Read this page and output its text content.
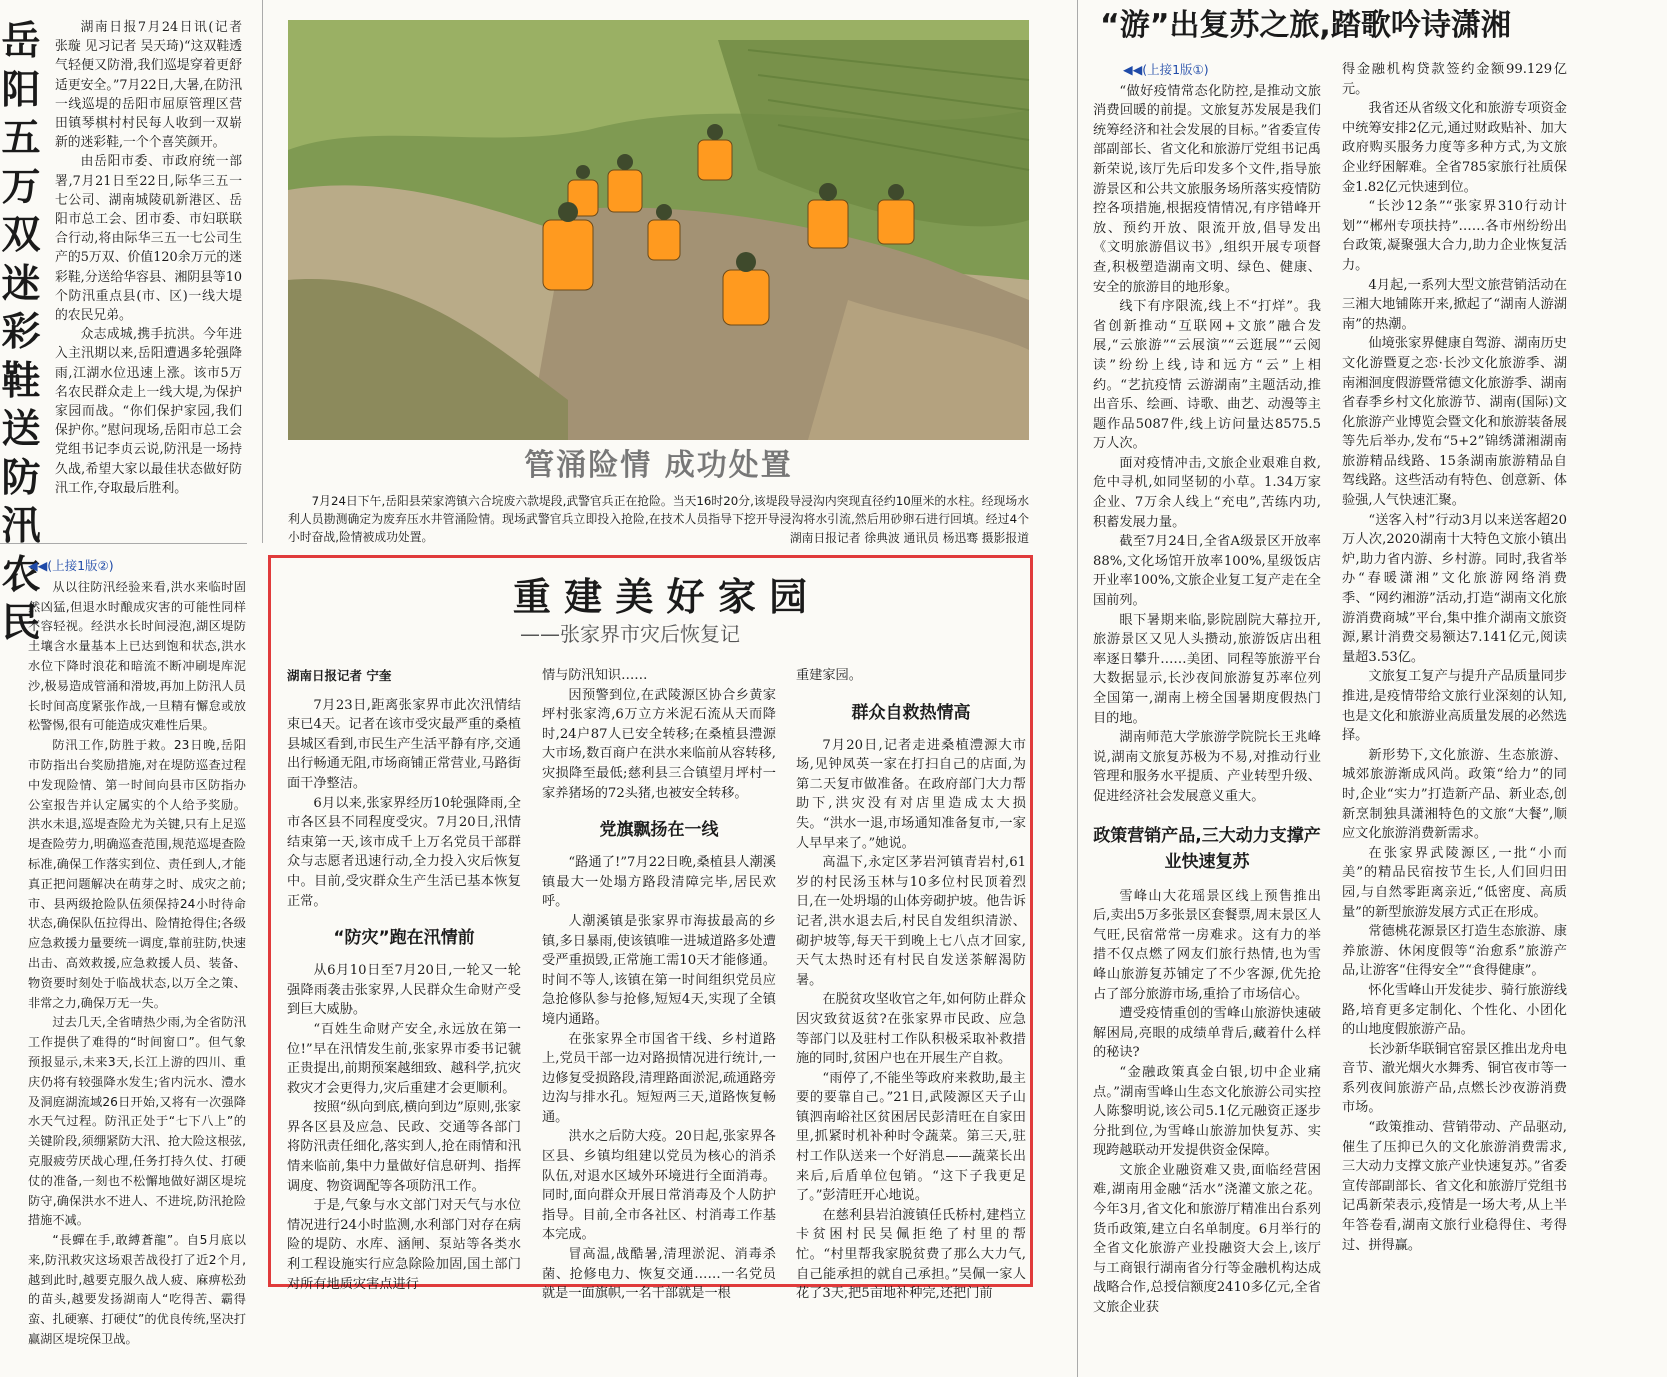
岳阳五万双迷彩鞋送防汛农民

湖南日报7月24日讯(记者 张璇 见习记者 吴天琦)“这双鞋透气轻便又防滑,我们巡堤穿着更舒适更安全。”7月22日,大暑,在防汛一线巡堤的岳阳市屈原管理区营田镇琴棋村村民每人收到一双崭新的迷彩鞋,一个个喜笑颜开。

由岳阳市委、市政府统一部署,7月21日至22日,际华三五一七公司、湖南城陵矶新港区、岳阳市总工会、团市委、市妇联联合行动,将由际华三五一七公司生产的5万双、价值120余万元的迷彩鞋,分送给华容县、湘阴县等10个防汛重点县(市、区)一线大堤的农民兄弟。

众志成城,携手抗洪。今年进入主汛期以来,岳阳遭遇多轮强降雨,江湖水位迅速上涨。该市5万名农民群众走上一线大堤,为保护家园而战。“你们保护家园,我们保护你。”慰问现场,岳阳市总工会党组书记李贞云说,防汛是一场持久战,希望大家以最佳状态做好防汛工作,夺取最后胜利。

◀◀(上接1版②)

从以往防汛经验来看,洪水来临时固然凶猛,但退水时酿成灾害的可能性同样不容轻视。经洪水长时间浸泡,湖区堤防土壤含水量基本上已达到饱和状态,洪水水位下降时浪花和暗流不断冲刷堤库泥沙,极易造成管涌和滑坡,再加上防汛人员长时间高度紧张作战,一旦精有懈怠或放松警惕,很有可能造成灾难性后果。

防汛工作,防胜于救。23日晚,岳阳市防指出台奖励措施,对在堤防巡查过程中发现险情、第一时间向县市区防指办公室报告并认定属实的个人给予奖励。洪水未退,巡堤查险尤为关键,只有上足巡堤查险劳力,明确巡查范围,规范巡堤查险标准,确保工作落实到位、责任到人,才能真正把问题解决在萌芽之时、成灾之前;市、县两级抢险队伍须保持24小时待命状态,确保队伍拉得出、险情抢得住;各级应急救援力量要统一调度,靠前驻防,快速出击、高效救援,应急救援人员、装备、物资要时刻处于临战状态,以万全之策、非常之力,确保万无一失。

过去几天,全省晴热少雨,为全省防汛工作提供了难得的“时间窗口”。但气象预报显示,未来3天,长江上游的四川、重庆仍将有较强降水发生;省内沅水、澧水及洞庭湖流域26日开始,又将有一次强降水天气过程。防汛正处于“七下八上”的关键阶段,须绷紧防大汛、抢大险这根弦,克服疲劳厌战心理,任务打持久仗、打硬仗的准备,一刻也不松懈地做好湖区堤垸防守,确保洪水不进人、不进垸,防汛抢险措施不减。

“長蟬在手,敢縛蒼龍”。自5月底以来,防汛救灾这场艰苦战役打了近2个月,越到此时,越要克服久战人疲、麻痹松劲的苗头,越要发扬湖南人“吃得苦、霸得蛮、扎硬寨、打硬仗”的优良传统,坚决打赢湖区堤垸保卫战。

管涌险情 成功处置

7月24日下午,岳阳县荣家湾镇六合垸废六款堤段,武警官兵正在抢险。当天16时20分,该堤段导浸沟内突现直径约10厘米的水柱。经现场水利人员勘测确定为废弃压水井管涌险情。现场武警官兵立即投入抢险,在技术人员指导下挖开导浸沟将水引流,然后用砂卵石进行回填。经过4个小时奋战,险情被成功处置。	湖南日报记者 徐典波 通讯员 杨迅骞 摄影报道
重 建 美 好 家 园
——张家界市灾后恢复记

湖南日报记者 宁奎

7月23日,距离张家界市此次汛情结束已4天。记者在该市受灾最严重的桑植县城区看到,市民生产生活平静有序,交通出行畅通无阻,市场商铺正常营业,马路街面干净整洁。

6月以来,张家界经历10轮强降雨,全市各区县不同程度受灾。7月20日,汛情结束第一天,该市成千上万名党员干部群众与志愿者迅速行动,全力投入灾后恢复中。目前,受灾群众生产生活已基本恢复正常。

“防灾”跑在汛情前

从6月10日至7月20日,一轮又一轮强降雨袭击张家界,人民群众生命财产受到巨大威胁。

“百姓生命财产安全,永远放在第一位!”早在汛情发生前,张家界市委书记虢正贵提出,前期预案越细致、越科学,抗灾救灾才会更得力,灾后重建才会更顺利。

按照“纵向到底,横向到边”原则,张家界各区县及应急、民政、交通等各部门将防汛责任细化,落实到人,抢在雨情和汛情来临前,集中力量做好信息研判、指挥调度、物资调配等各项防汛工作。

于是,气象与水文部门对天气与水位情况进行24小时监测,水利部门对存在病险的堤防、水库、涵闸、泵站等各类水利工程设施实行应急除险加固,国土部门对所有地质灾害点进行

情与防汛知识……

因预警到位,在武陵源区协合乡黄家坪村张家湾,6万立方米泥石流从天而降时,24户87人已安全转移;在桑植县澧源大市场,数百商户在洪水来临前从容转移,灾损降至最低;慈利县三合镇望月坪村一家养猪场的72头猪,也被安全转移。

党旗飘扬在一线

“路通了!”7月22日晚,桑植县人潮溪镇最大一处塌方路段清障完毕,居民欢呼。

人潮溪镇是张家界市海拔最高的乡镇,多日暴雨,使该镇唯一进城道路多处遭受严重损毁,正常施工需10天才能修通。时间不等人,该镇在第一时间组织党员应急抢修队参与抢修,短短4天,实现了全镇境内通路。

在张家界全市国省干线、乡村道路上,党员干部一边对路损情况进行统计,一边修复受损路段,清理路面淤泥,疏通路旁边沟与排水孔。短短两三天,道路恢复畅通。

洪水之后防大疫。20日起,张家界各区县、乡镇均组建以党员为核心的消杀队伍,对退水区域外环境进行全面消毒。同时,面向群众开展日常消毒及个人防护指导。目前,全市各社区、村消毒工作基本完成。

冒高温,战酷暑,清理淤泥、消毒杀菌、抢修电力、恢复交通……一名党员就是一面旗帜,一名干部就是一根

重建家园。

群众自救热情高

7月20日,记者走进桑植澧源大市场,见钟凤英一家在打扫自己的店面,为第二天复市做准备。在政府部门大力帮助下,洪灾没有对店里造成太大损失。“洪水一退,市场通知准备复市,一家人早早来了。”她说。

高温下,永定区茅岩河镇青岩村,61岁的村民汤玉林与10多位村民顶着烈日,在一处坍塌的山体旁砌护坡。他告诉记者,洪水退去后,村民自发组织清淤、砌护坡等,每天干到晚上七八点才回家,天气太热时还有村民自发送茶解渴防暑。

在脱贫攻坚收官之年,如何防止群众因灾致贫返贫?在张家界市民政、应急等部门以及驻村工作队积极采取补救措施的同时,贫困户也在开展生产自救。

“雨停了,不能坐等政府来救助,最主要的要靠自己。”21日,武陵源区天子山镇泗南峪社区贫困居民彭清旺在自家田里,抓紧时机补种时令蔬菜。第三天,驻村工作队送来一个好消息——蔬菜长出来后,后盾单位包销。“这下子我更足了。”彭清旺开心地说。

在慈利县岩泊渡镇任氏桥村,建档立卡贫困村民吴佩拒绝了村里的帮忙。“村里帮我家脱贫费了那么大力气,自己能承担的就自己承担。”吴佩一家人花了3天,把5亩地补种完,还把门前

“游”出复苏之旅,踏歌吟诗潇湘
◀◀(上接1版①)

“做好疫情常态化防控,是推动文旅消费回暖的前提。文旅复苏发展是我们统筹经济和社会发展的目标。”省委宣传部副部长、省文化和旅游厅党组书记禹新荣说,该厅先后印发多个文件,指导旅游景区和公共文旅服务场所落实疫情防控各项措施,根据疫情情况,有序错峰开放、预约开放、限流开放,倡导发出《文明旅游倡议书》,组织开展专项督查,积极塑造湖南文明、绿色、健康、安全的旅游目的地形象。

线下有序限流,线上不“打烊”。我省创新推动“互联网+文旅”融合发展,“云旅游”“云展演”“云逛展”“云阅读”纷纷上线,诗和远方“云”上相约。“艺抗疫情 云游湖南”主题活动,推出音乐、绘画、诗歌、曲艺、动漫等主题作品5087件,线上访问量达8575.5万人次。

面对疫情冲击,文旅企业艰难自救,危中寻机,如同坚韧的小草。1.34万家企业、7万余人线上“充电”,苦练内功,积蓄发展力量。

截至7月24日,全省A级景区开放率88%,文化场馆开放率100%,星级饭店开业率100%,文旅企业复工复产走在全国前列。

眼下暑期来临,影院剧院大幕拉开,旅游景区又见人头攒动,旅游饭店出租率逐日攀升……美团、同程等旅游平台大数据显示,长沙夜间旅游复苏率位列全国第一,湖南上榜全国暑期度假热门目的地。

湖南师范大学旅游学院院长王兆峰说,湖南文旅复苏极为不易,对推动行业管理和服务水平提质、产业转型升级、促进经济社会发展意义重大。

政策营销产品,三大动力支撑产业快速复苏

雪峰山大花瑶景区线上预售推出后,卖出5万多张景区套餐票,周末景区人气旺,民宿常常一房难求。这有力的举措不仅点燃了网友们旅行热情,也为雪峰山旅游复苏铺定了不少客源,优先抢占了部分旅游市场,重拾了市场信心。

遭受疫情重创的雪峰山旅游快速破解困局,亮眼的成绩单背后,藏着什么样的秘诀?

“金融政策真金白银,切中企业痛点。”湖南雪峰山生态文化旅游公司实控人陈黎明说,该公司5.1亿元融资正逐步分批到位,为雪峰山旅游加快复苏、实现跨越联动开发提供资金保障。

文旅企业融资难又贵,面临经营困难,湖南用金融“活水”浇灌文旅之花。今年3月,省文化和旅游厅精准出台系列货币政策,建立白名单制度。6月举行的全省文化旅游产业投融资大会上,该厅与工商银行湖南省分行等金融机构达成战略合作,总授信额度2410多亿元,全省文旅企业获

得金融机构贷款签约金额99.129亿元。

我省还从省级文化和旅游专项资金中统筹安排2亿元,通过财政贴补、加大政府购买服务力度等多种方式,为文旅企业纾困解难。全省785家旅行社质保金1.82亿元快速到位。

“长沙12条”“张家界310行动计划”“郴州专项扶持”……各市州纷纷出台政策,凝聚强大合力,助力企业恢复活力。

4月起,一系列大型文旅营销活动在三湘大地铺陈开来,掀起了“湖南人游湖南”的热潮。

仙境张家界健康自驾游、湖南历史文化游暨夏之恋·长沙文化旅游季、湖南湘洄度假游暨常德文化旅游季、湖南省春季乡村文化旅游节、湖南(国际)文化旅游产业博览会暨文化和旅游装备展等先后举办,发布“5+2”锦绣潇湘湖南旅游精品线路、15条湖南旅游精品自驾线路。这些活动有特色、创意新、体验强,人气快速汇聚。

“送客入村”行动3月以来送客超20万人次,2020湖南十大特色文旅小镇出炉,助力省内游、乡村游。同时,我省举办“春暖潇湘”文化旅游网络消费季、“网约湘游”活动,打造“湖南文化旅游消费商城”平台,集中推介湖南文旅资源,累计消费交易额达7.141亿元,阅读量超3.53亿。

文旅复工复产与提升产品质量同步推进,是疫情带给文旅行业深刻的认知,也是文化和旅游业高质量发展的必然选择。

新形势下,文化旅游、生态旅游、城郊旅游渐成风尚。政策“给力”的同时,企业“实力”打造新产品、新业态,创新烹制独具潇湘特色的文旅“大餐”,顺应文化旅游消费新需求。

在张家界武陵源区,一批“小而美”的精品民宿按节生长,人们回归田园,与自然零距离亲近,“低密度、高质量”的新型旅游发展方式正在形成。

常德桃花源景区打造生态旅游、康养旅游、休闲度假等“治愈系”旅游产品,让游客“住得安全”“食得健康”。

怀化雪峰山开发徒步、骑行旅游线路,培育更多定制化、个性化、小团化的山地度假旅游产品。

长沙新华联铜官窑景区推出龙舟电音节、澈光烟火水舞秀、铜官夜市等一系列夜间旅游产品,点燃长沙夜游消费市场。

“政策推动、营销带动、产品驱动,催生了压抑已久的文化旅游消费需求,三大动力支撑文旅产业快速复苏。”省委宣传部副部长、省文化和旅游厅党组书记禹新荣表示,疫情是一场大考,从上半年答卷看,湖南文旅行业稳得住、考得过、拼得赢。
